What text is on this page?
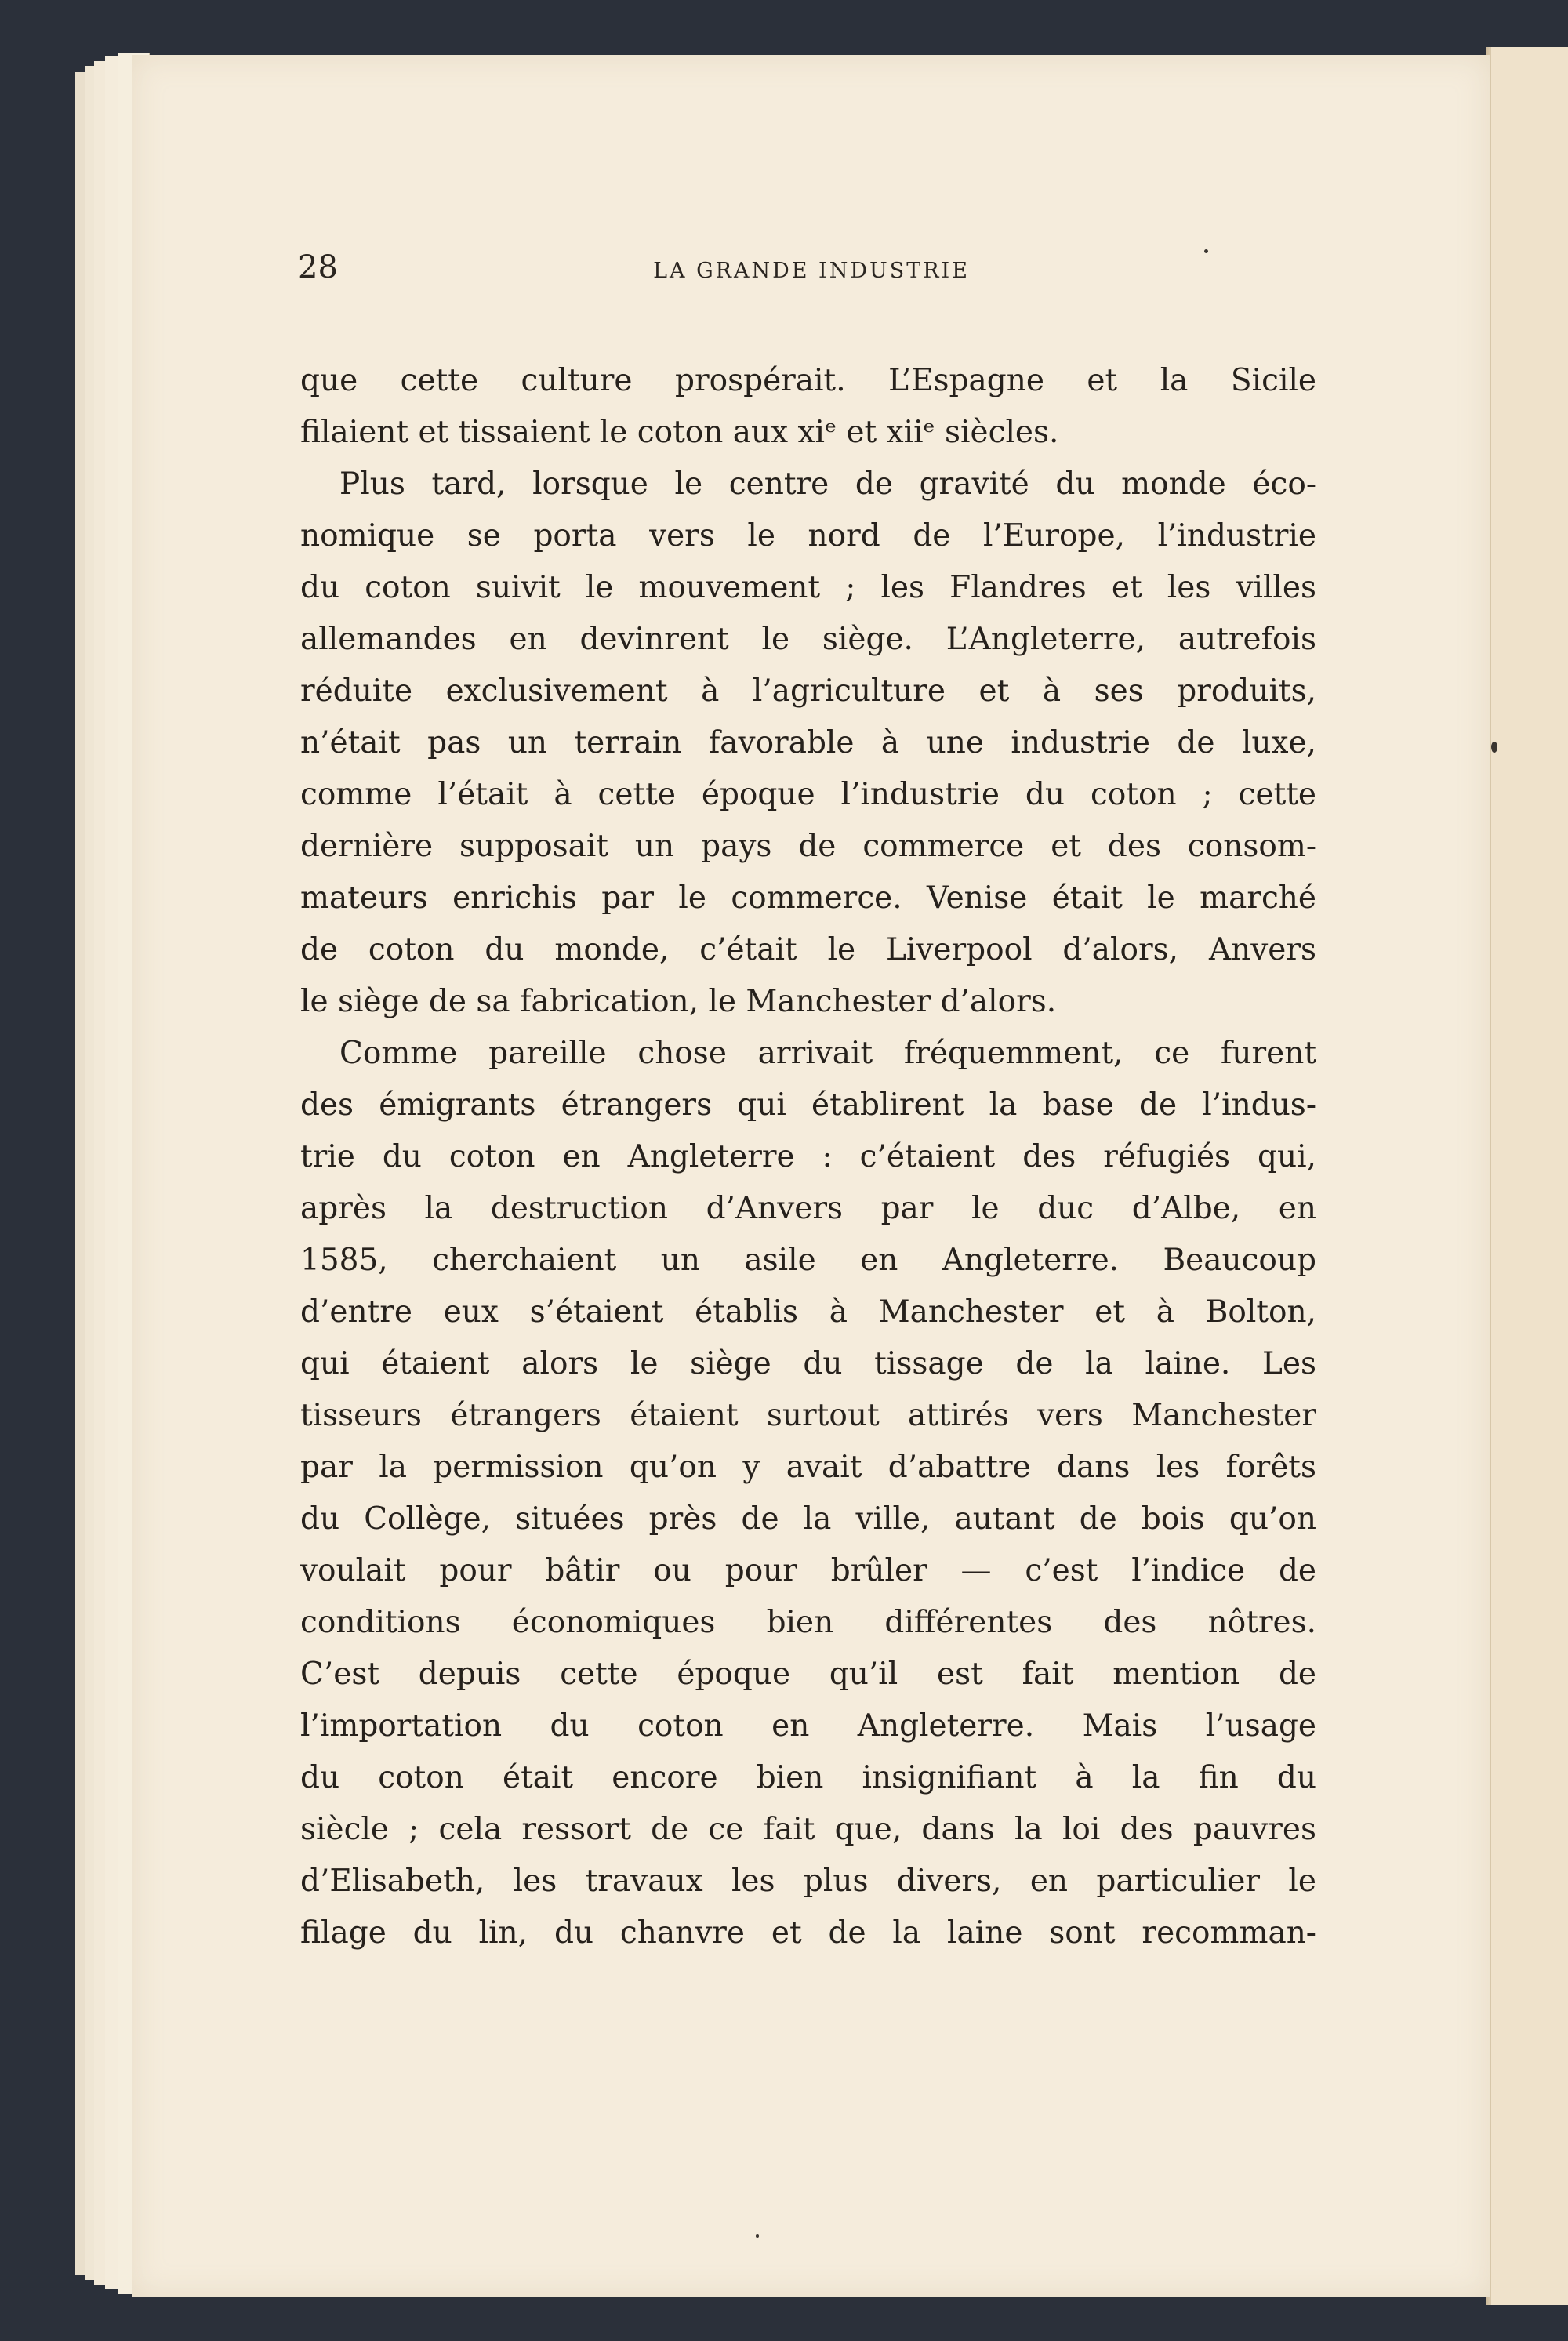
28	LA GRANDE INDUSTRIE
que cette culture prospérait. L’Espagne et la Sicile
filaient et tissaient le coton aux xiᵉ et xiiᵉ siècles.
Plus tard, lorsque le centre de gravité du monde éco-
nomique se porta vers le nord de l’Europe, l’industrie
du coton suivit le mouvement ; les Flandres et les villes
allemandes en devinrent le siège. L’Angleterre, autrefois
réduite exclusivement à l’agriculture et à ses produits,
n’était pas un terrain favorable à une industrie de luxe,
comme l’était à cette époque l’industrie du coton ; cette
dernière supposait un pays de commerce et des consom-
mateurs enrichis par le commerce. Venise était le marché
de coton du monde, c’était le Liverpool d’alors, Anvers
le siège de sa fabrication, le Manchester d’alors.
Comme pareille chose arrivait fréquemment, ce furent
des émigrants étrangers qui établirent la base de l’indus-
trie du coton en Angleterre : c’étaient des réfugiés qui,
après la destruction d’Anvers par le duc d’Albe, en
1585, cherchaient un asile en Angleterre. Beaucoup
d’entre eux s’étaient établis à Manchester et à Bolton,
qui étaient alors le siège du tissage de la laine. Les
tisseurs étrangers étaient surtout attirés vers Manchester
par la permission qu’on y avait d’abattre dans les forêts
du Collège, situées près de la ville, autant de bois qu’on
voulait pour bâtir ou pour brûler — c’est l’indice de
conditions économiques bien différentes des nôtres.
C’est depuis cette époque qu’il est fait mention de
l’importation du coton en Angleterre. Mais l’usage
du coton était encore bien insignifiant à la fin du
siècle ; cela ressort de ce fait que, dans la loi des pauvres
d’Elisabeth, les travaux les plus divers, en particulier le
filage du lin, du chanvre et de la laine sont recomman-
